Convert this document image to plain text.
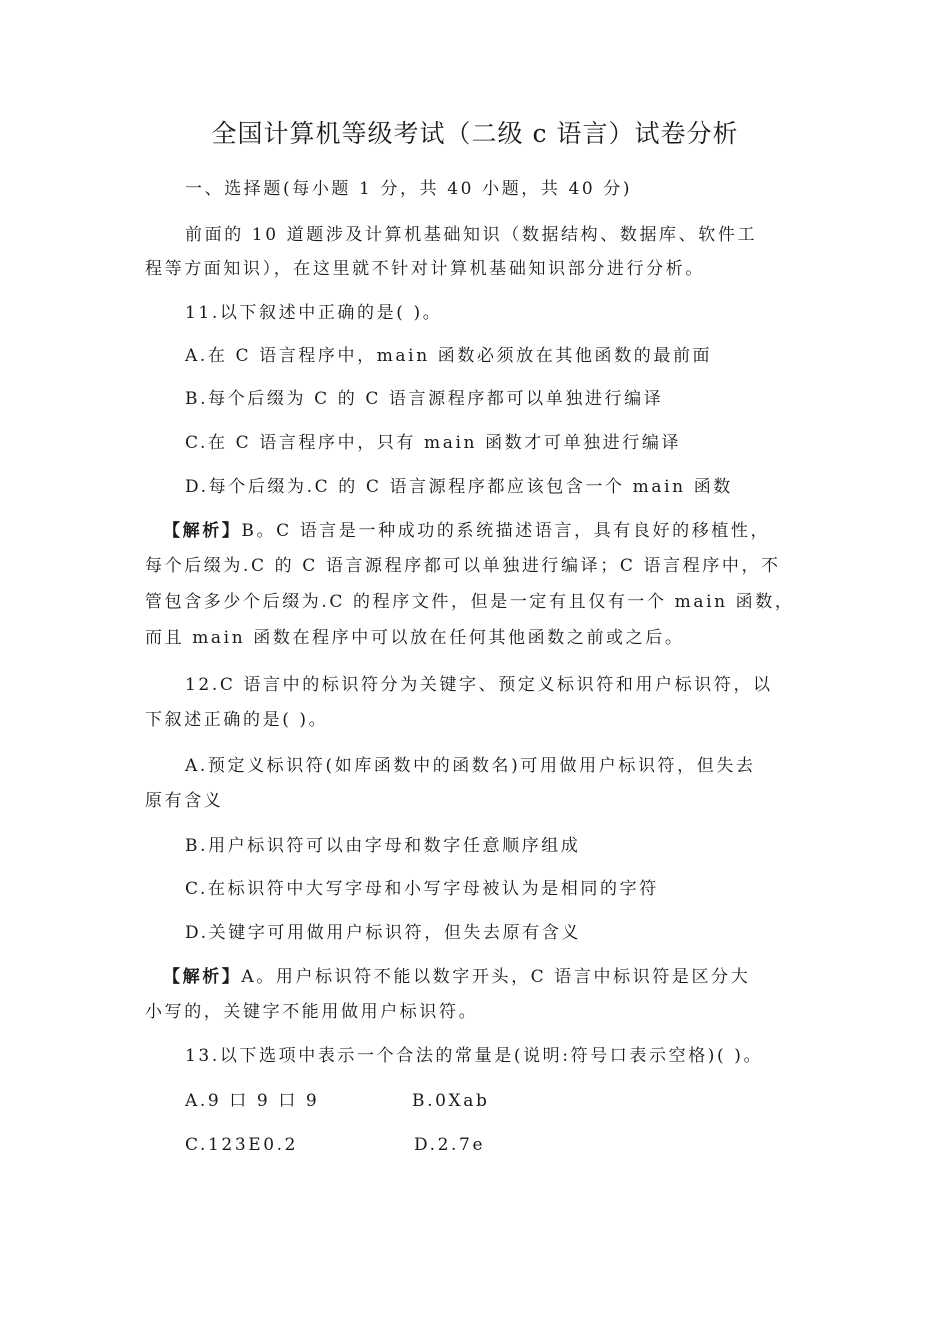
全国计算机等级考试（二级 c 语言）试卷分析
一、选择题(每小题 1 分，共 40 小题，共 40 分)
前面的 10 道题涉及计算机基础知识（数据结构、数据库、软件工
程等方面知识），在这里就不针对计算机基础知识部分进行分析。
11.以下叙述中正确的是( )。
A.在 C 语言程序中，main 函数必须放在其他函数的最前面
B.每个后缀为 C 的 C 语言源程序都可以单独进行编译
C.在 C 语言程序中，只有 main 函数才可单独进行编译
D.每个后缀为.C 的 C 语言源程序都应该包含一个 main 函数
【解析】B。C 语言是一种成功的系统描述语言，具有良好的移植性，
每个后缀为.C 的 C 语言源程序都可以单独进行编译；C 语言程序中，不
管包含多少个后缀为.C 的程序文件，但是一定有且仅有一个 main 函数，
而且 main 函数在程序中可以放在任何其他函数之前或之后。
12.C 语言中的标识符分为关键字、预定义标识符和用户标识符，以
下叙述正确的是( )。
A.预定义标识符(如库函数中的函数名)可用做用户标识符，但失去
原有含义
B.用户标识符可以由字母和数字任意顺序组成
C.在标识符中大写字母和小写字母被认为是相同的字符
D.关键字可用做用户标识符，但失去原有含义
【解析】A。用户标识符不能以数字开头，C 语言中标识符是区分大
小写的，关键字不能用做用户标识符。
13.以下选项中表示一个合法的常量是(说明:符号口表示空格)( )。
A.9 口 9 口 9	B.0Xab
C.123E0.2	D.2.7e
